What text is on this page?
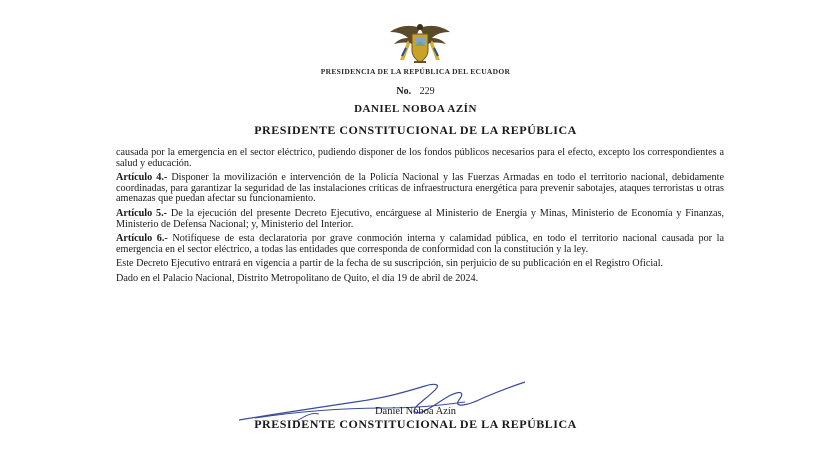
PRESIDENCIA DE LA REPÚBLICA DEL ECUADOR
No. 229
DANIEL NOBOA AZÍN
PRESIDENTE CONSTITUCIONAL DE LA REPÚBLICA

causada por la emergencia en el sector eléctrico, pudiendo disponer de los fondos públicos necesarios para el efecto, excepto los correspondientes a salud y educación.

Artículo 4.- Disponer la movilización e intervención de la Policía Nacional y las Fuerzas Armadas en todo el territorio nacional, debidamente coordinadas, para garantizar la seguridad de las instalaciones críticas de infraestructura energética para prevenir sabotajes, ataques terroristas u otras amenazas que puedan afectar su funcionamiento.

Artículo 5.- De la ejecución del presente Decreto Ejecutivo, encárguese al Ministerio de Energía y Minas, Ministerio de Economía y Finanzas, Ministerio de Defensa Nacional; y, Ministerio del Interior.

Artículo 6.- Notifíquese de esta declaratoria por grave conmoción interna y calamidad pública, en todo el territorio nacional causada por la emergencia en el sector eléctrico, a todas las entidades que corresponda de conformidad con la constitución y la ley.

Este Decreto Ejecutivo entrará en vigencia a partir de la fecha de su suscripción, sin perjuicio de su publicación en el Registro Oficial.

Dado en el Palacio Nacional, Distrito Metropolitano de Quito, el día 19 de abril de 2024.

Daniel Noboa Azín
PRESIDENTE CONSTITUCIONAL DE LA REPÚBLICA
